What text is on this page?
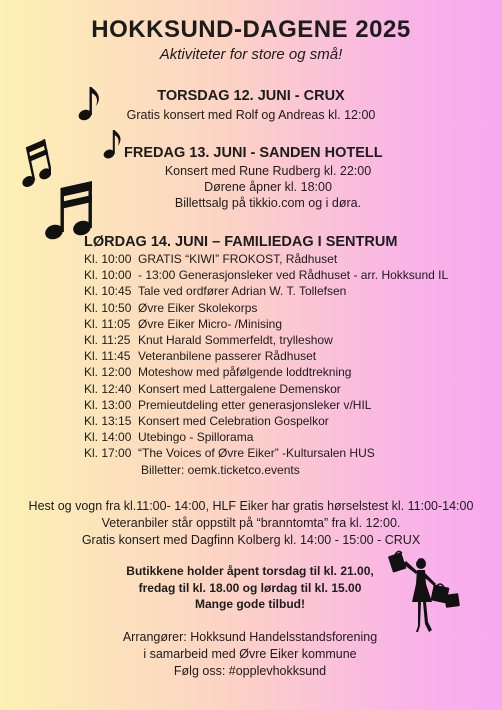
HOKKSUND-DAGENE 2025
Aktiviteter for store og små!
TORSDAG 12. JUNI - CRUX
Gratis konsert med Rolf og Andreas kl. 12:00
FREDAG 13. JUNI - SANDEN HOTELL
Konsert med Rune Rudberg kl. 22:00
Dørene åpner kl. 18:00
Billettsalg på tikkio.com og i døra.
LØRDAG 14. JUNI – FAMILIEDAG I SENTRUM
Kl. 10:00 GRATIS “KIWI” FROKOST, Rådhuset
Kl. 10:00 - 13:00 Generasjonsleker ved Rådhuset - arr. Hokksund IL
Kl. 10:45 Tale ved ordfører Adrian W. T. Tollefsen
Kl. 10:50 Øvre Eiker Skolekorps
Kl. 11:05 Øvre Eiker Micro- /Minising
Kl. 11:25 Knut Harald Sommerfeldt, trylleshow
Kl. 11:45 Veteranbilene passerer Rådhuset
Kl. 12:00 Moteshow med påfølgende loddtrekning
Kl. 12:40 Konsert med Lattergalene Demenskor
Kl. 13:00 Premieutdeling etter generasjonsleker v/HIL
Kl. 13:15 Konsert med Celebration Gospelkor
Kl. 14:00 Utebingo - Spillorama
Kl. 17:00 “The Voices of Øvre Eiker” -Kultursalen HUS
Billetter: oemk.ticketco.events
Hest og vogn fra kl.11:00- 14:00, HLF Eiker har gratis hørselstest kl. 11:00-14:00
Veteranbiler står oppstilt på “branntomta” fra kl. 12:00.
Gratis konsert med Dagfinn Kolberg kl. 14:00 - 15:00 - CRUX
Butikkene holder åpent torsdag til kl. 21.00,
fredag til kl. 18.00 og lørdag til kl. 15.00
Mange gode tilbud!
Arrangører: Hokksund Handelsstandsforening
i samarbeid med Øvre Eiker kommune
Følg oss: #opplevhokksund
